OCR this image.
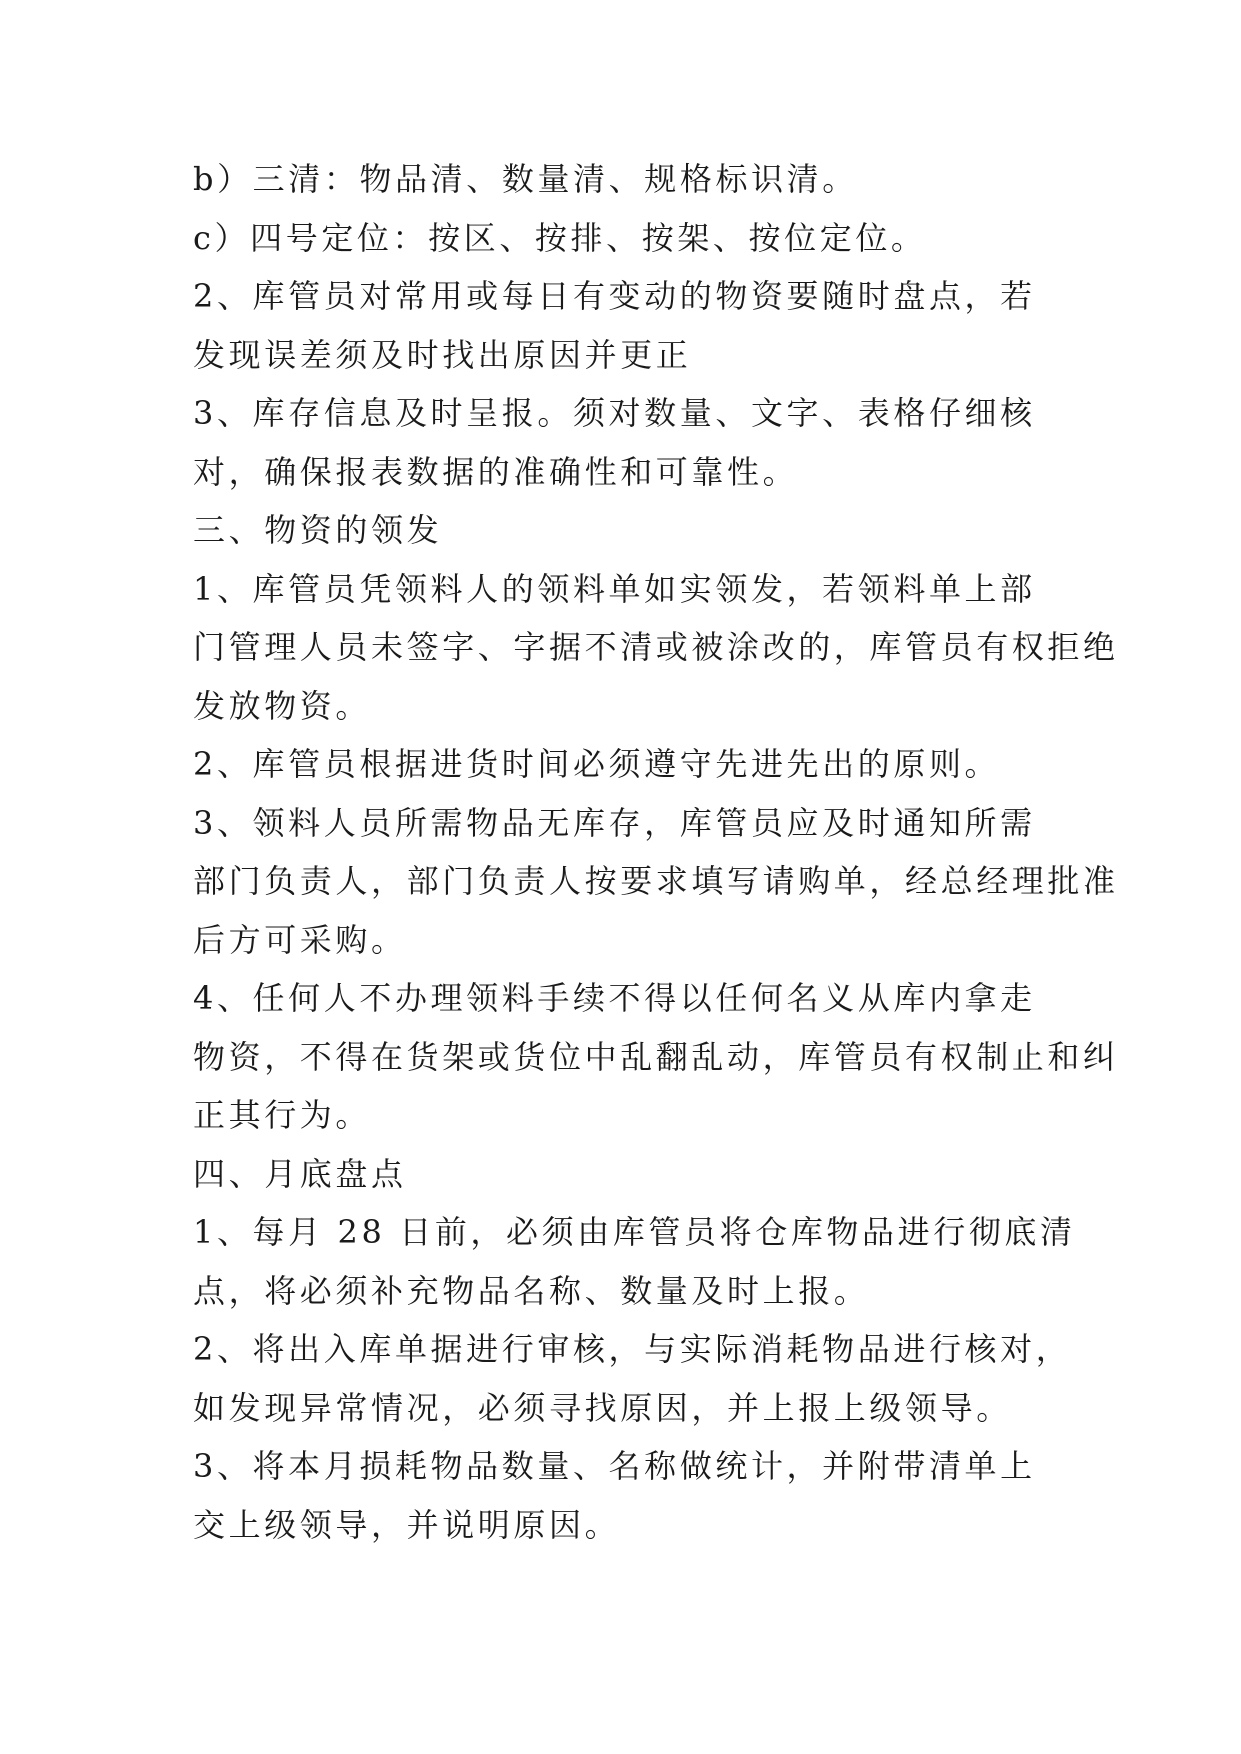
b）三清：物品清、数量清、规格标识清。

c）四号定位：按区、按排、按架、按位定位。

2、库管员对常用或每日有变动的物资要随时盘点，若

发现误差须及时找出原因并更正

3、库存信息及时呈报。须对数量、文字、表格仔细核

对，确保报表数据的准确性和可靠性。

三、物资的领发

1、库管员凭领料人的领料单如实领发，若领料单上部

门管理人员未签字、字据不清或被涂改的，库管员有权拒绝
发放物资。

2、库管员根据进货时间必须遵守先进先出的原则。

3、领料人员所需物品无库存，库管员应及时通知所需

部门负责人，部门负责人按要求填写请购单，经总经理批准
后方可采购。

4、任何人不办理领料手续不得以任何名义从库内拿走

物资，不得在货架或货位中乱翻乱动，库管员有权制止和纠
正其行为。

四、月底盘点

1、每月 28 日前，必须由库管员将仓库物品进行彻底清

点，将必须补充物品名称、数量及时上报。

2、将出入库单据进行审核，与实际消耗物品进行核对，

如发现异常情况，必须寻找原因，并上报上级领导。

3、将本月损耗物品数量、名称做统计，并附带清单上

交上级领导，并说明原因。
